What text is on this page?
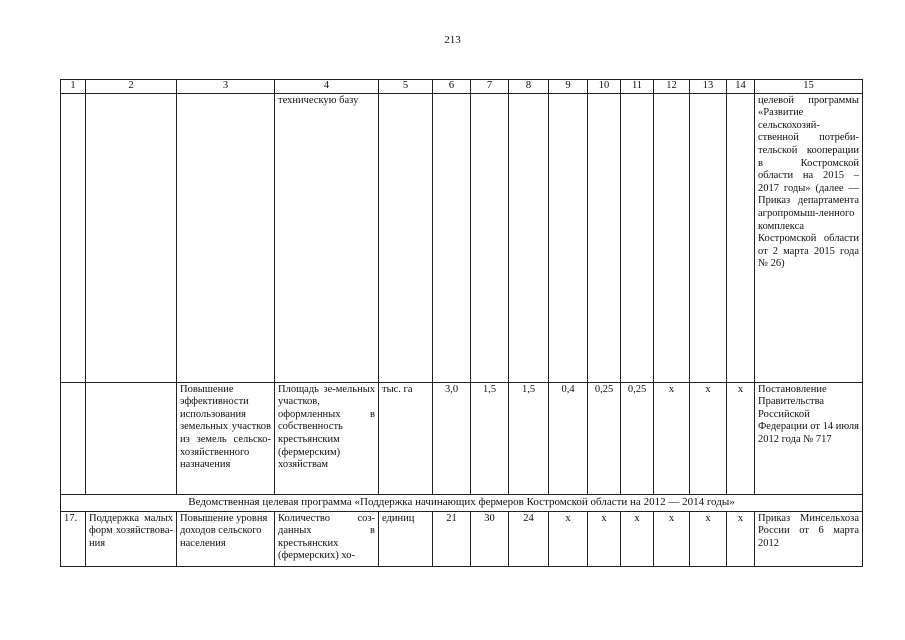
213
1	2	3	4	5	6	7	8	9	10	11	12	13	14	15
			техническую базу											целевой программы «Развитие сельскохозяй-ственной потреби-тельской кооперации в Костромской области на 2015 – 2017 годы» (далее — Приказ департамента агропромыш-ленного комплекса Костромской области от 2 марта 2015 года № 26)
		Повышение эффективности использования земельных участков из земель сельско-хозяйственного назначения	Площадь зе-мельных участков, оформленных в собственность крестьянским (фермерским) хозяйствам	тыс. га	3,0	1,5	1,5	0,4	0,25	0,25	х	х	х	Постановление Правительства Российской Федерации от 14 июля 2012 года № 717
Ведомственная целевая программа «Поддержка начинающих фермеров Костромской области на 2012 — 2014 годы»														
17.	Поддержка малых форм хозяйствова-ния	Повышение уровня доходов сельского населения	Количество соз-данных в крестьянских (фермерских) хо-	единиц	21	30	24	х	х	х	х	х	х	Приказ Минсельхоза России от 6 марта 2012
